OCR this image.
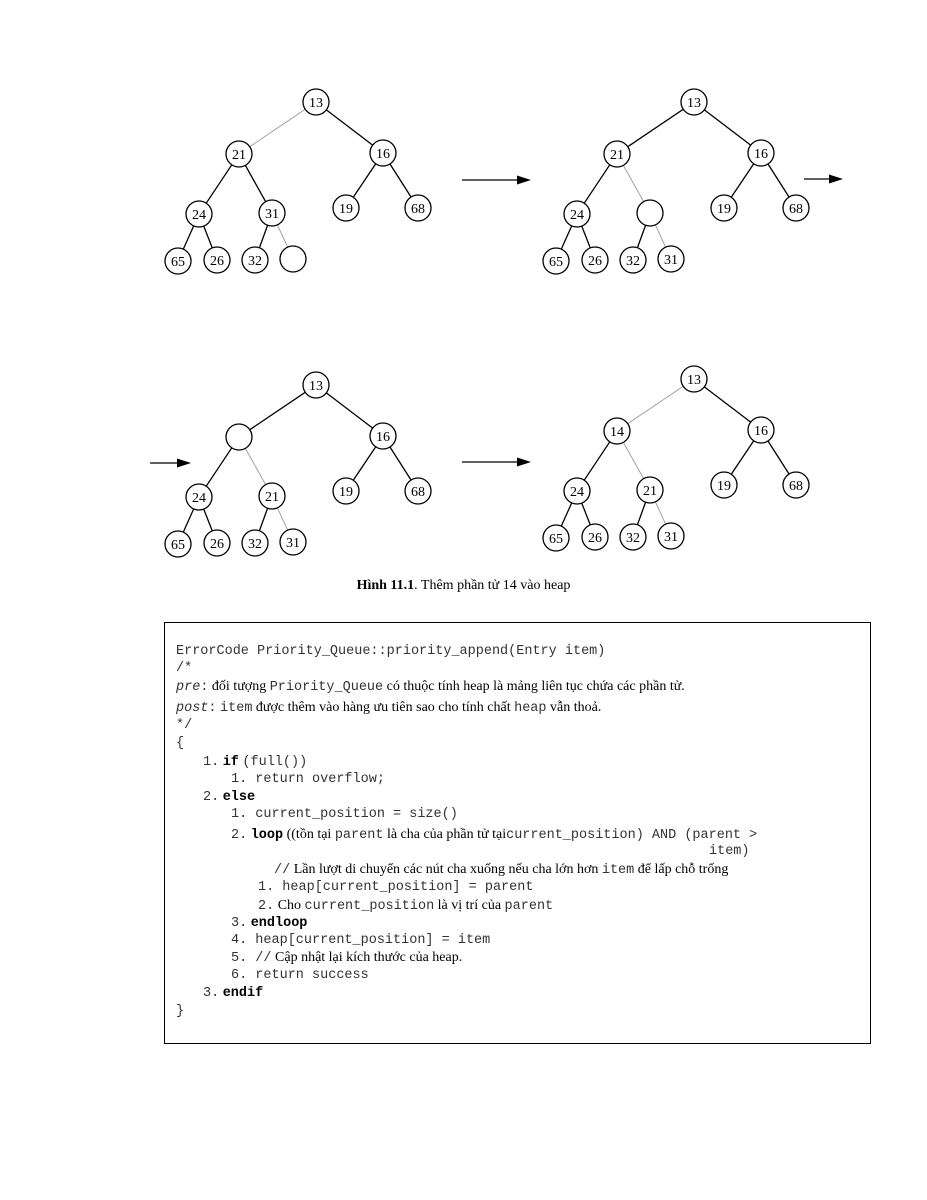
13
21	16
24	31	19	68
65 26 32
13
21	16
24	19	68
65 26 32 31
13
16
24	21	19	68
65 26 32 31
13
14	16
24	21	19	68
65 26 32 31
Hình 11.1. Thêm phần tử 14 vào heap
ErrorCode Priority_Queue::priority_append(Entry item)
/*
pre: đối tượng Priority_Queue có thuộc tính heap là mảng liên tục chứa các phần tử.
post: item được thêm vào hàng ưu tiên sao cho tính chất heap vẫn thoả.
*/
{
1. if (full())
1. return overflow;
2. else
1. current_position = size()
2. loop ((tồn tại parent là cha của phần tử tạicurrent_position) AND (parent >
item)
// Lần lượt di chuyển các nút cha xuống nếu cha lớn hơn item để lấp chỗ trống
1. heap[current_position] = parent
2. Cho current_position là vị trí của parent
3. endloop
4. heap[current_position] = item
5. // Cập nhật lại kích thước của heap.
6. return success
3. endif
}
